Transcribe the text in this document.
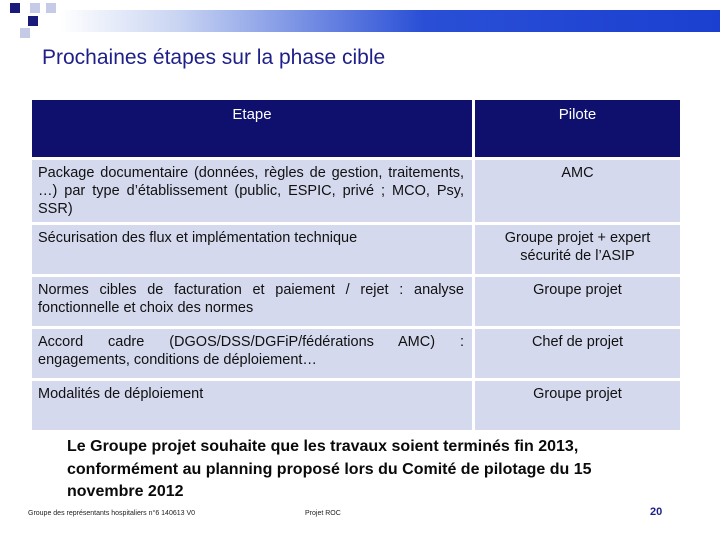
Prochaines étapes sur la phase cible
Etape	Pilote
Package documentaire (données, règles de gestion, traitements, …) par type d’établissement (public, ESPIC, privé ; MCO, Psy, SSR)	AMC
Sécurisation des flux et implémentation technique	Groupe projet + expert sécurité de l’ASIP
Normes cibles de facturation et paiement / rejet : analyse fonctionnelle et choix des normes	Groupe projet
Accord cadre (DGOS/DSS/DGFiP/fédérations AMC) : engagements, conditions de déploiement…	Chef de projet
Modalités de déploiement	Groupe projet
Le Groupe projet souhaite que les travaux soient terminés fin 2013, conformément au planning proposé lors du Comité de pilotage du 15 novembre 2012
Groupe des représentants hospitaliers n°6 140613 V0	Projet ROC	20
